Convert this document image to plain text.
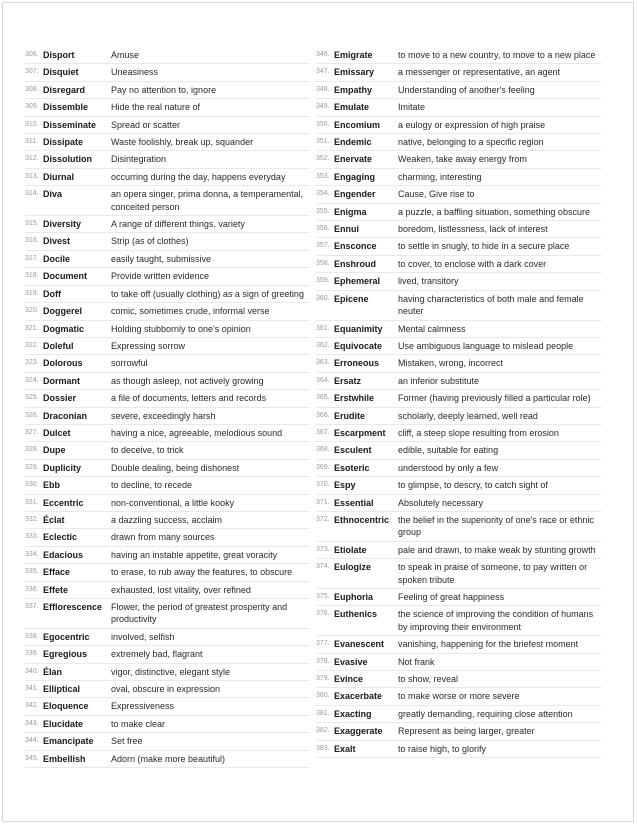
306. Disport	Amuse
307. Disquiet	Uneasiness
308. Disregard	Pay no attention to, ignore
309. Dissemble	Hide the real nature of
310. Disseminate	Spread or scatter
311. Dissipate	Waste foolishly, break up, squander
312. Dissolution	Disintegration
313. Diurnal	occurring during the day, happens everyday
314. Diva	an opera singer, prima donna, a temperamental, conceited person
315. Diversity	A range of different things, variety
316. Divest	Strip (as of clothes)
317. Docile	easily taught, submissive
318. Document	Provide written evidence
319. Doff	to take off (usually clothing) as a sign of greeting
320. Doggerel	comic, sometimes crude, informal verse
321. Dogmatic	Holding stubbornly to one's opinion
322. Doleful	Expressing sorrow
323. Dolorous	sorrowful
324. Dormant	as though asleep, not actively growing
325. Dossier	a file of documents, letters and records
326. Draconian	severe, exceedingly harsh
327. Dulcet	having a nice, agreeable, melodious sound
328. Dupe	to deceive, to trick
329. Duplicity	Double dealing, being dishonest
330. Ebb	to decline, to recede
331. Eccentric	non-conventional, a little kooky
332. Éclat	a dazzling success, acclaim
333. Eclectic	drawn from many sources
334. Edacious	having an instable appetite, great voracity
335. Efface	to erase, to rub away the features, to obscure
336. Effete	exhausted, lost vitality, over refined
337. Efflorescence Flower, the period of greatest prosperity and productivity
338. Egocentric	involved, selfish
339. Egregious	extremely bad, flagrant
340. Élan	vigor, distinctive, elegant style
341. Elliptical	oval, obscure in expression
342. Eloquence	Expressiveness
343. Elucidate	to make clear
344. Emancipate	Set free
345. Embellish	Adorn (make more beautiful)
346. Emigrate	to move to a new country, to move to a new place
347. Emissary	a messenger or representative, an agent
348. Empathy	Understanding of another's feeling
349. Emulate	Imitate
350. Encomium	a eulogy or expression of high praise
351. Endemic	native, belonging to a specific region
352. Enervate	Weaken, take away energy from
353. Engaging	charming, interesting
354. Engender	Cause, Give rise to
355. Enigma	a puzzle, a baffling situation, something obscure
356. Ennui	boredom, listlessness, lack of interest
357. Ensconce	to settle in snugly, to hide in a secure place
358. Enshroud	to cover, to enclose with a dark cover
359. Ephemeral	lived, transitory
360. Epicene	having characteristics of both male and female neuter
361. Equanimity	Mental calmness
362. Equivocate	Use ambiguous language to mislead people
363. Erroneous	Mistaken, wrong, incorrect
364. Ersatz	an inferior substitute
365. Erstwhile	Former (having previously filled a particular role)
366. Erudite	scholarly, deeply learned, well read
367. Escarpment	cliff, a steep slope resulting from erosion
368. Esculent	edible, suitable for eating
369. Esoteric	understood by only a few
370. Espy	to glimpse, to descry, to catch sight of
371. Essential	Absolutely necessary
372. Ethnocentric the belief in the superiority of one's race or ethnic group
373. Etiolate	pale and drawn, to make weak by stunting growth
374. Eulogize	to speak in praise of someone, to pay written or spoken tribute
375. Euphoria	Feeling of great happiness
376. Euthenics	the science of improving the condition of humans by improving their environment
377. Evanescent	vanishing, happening for the briefest moment
378. Evasive	Not frank
379. Evince	to show, reveal
380. Exacerbate	to make worse or more severe
381. Exacting	greatly demanding, requiring close attention
382. Exaggerate	Represent as being larger, greater
383. Exalt	to raise high, to glorify
